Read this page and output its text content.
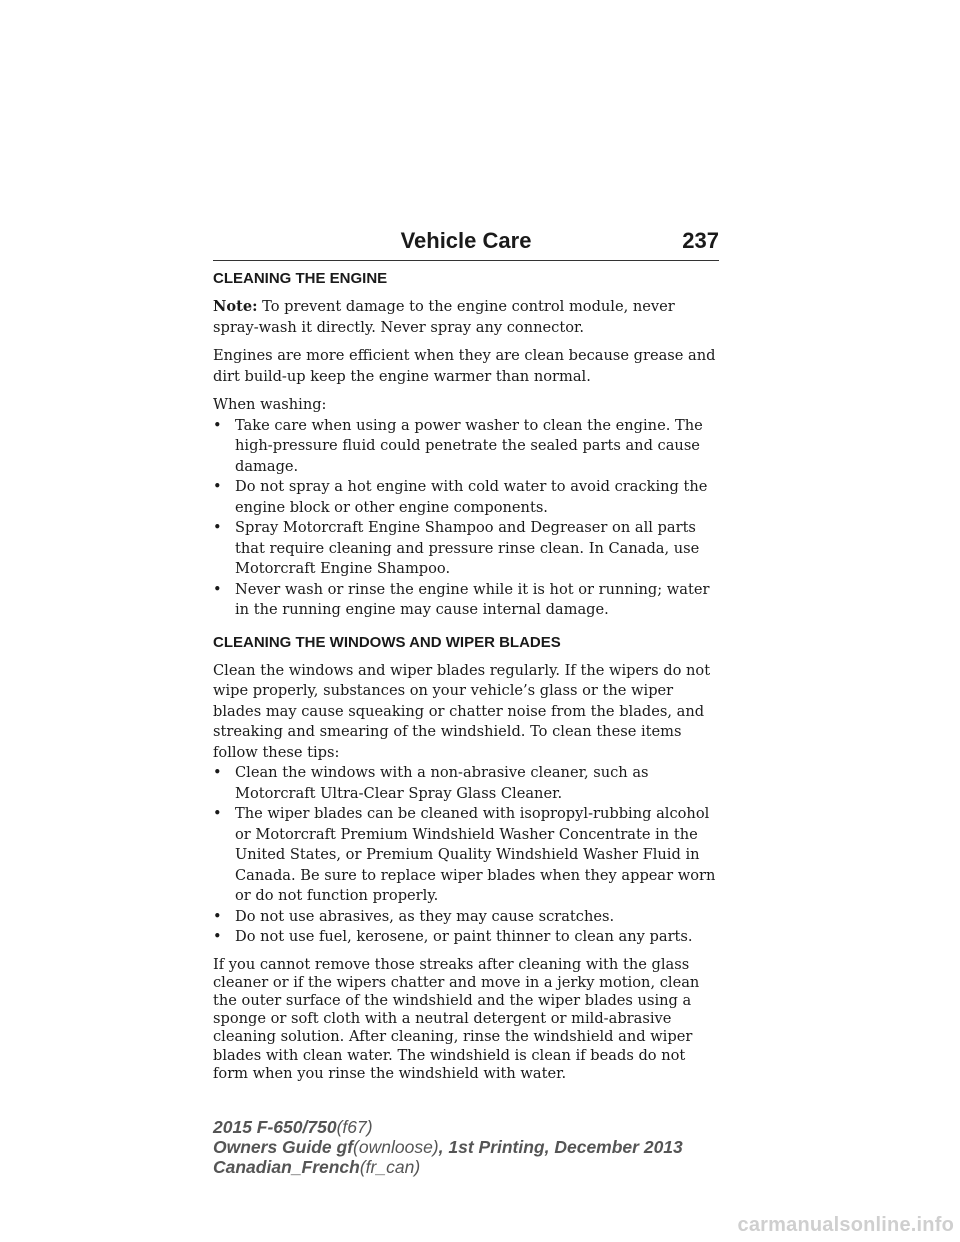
Vehicle Care	237
CLEANING THE ENGINE

Note: To prevent damage to the engine control module, never spray-wash it directly. Never spray any connector.

Engines are more efficient when they are clean because grease and dirt build-up keep the engine warmer than normal.

When washing:

• Take care when using a power washer to clean the engine. The high-pressure fluid could penetrate the sealed parts and cause damage.
• Do not spray a hot engine with cold water to avoid cracking the engine block or other engine components.
• Spray Motorcraft Engine Shampoo and Degreaser on all parts that require cleaning and pressure rinse clean. In Canada, use Motorcraft Engine Shampoo.
• Never wash or rinse the engine while it is hot or running; water in the running engine may cause internal damage.
CLEANING THE WINDOWS AND WIPER BLADES

Clean the windows and wiper blades regularly. If the wipers do not wipe properly, substances on your vehicle’s glass or the wiper blades may cause squeaking or chatter noise from the blades, and streaking and smearing of the windshield. To clean these items follow these tips:

• Clean the windows with a non-abrasive cleaner, such as Motorcraft Ultra-Clear Spray Glass Cleaner.
• The wiper blades can be cleaned with isopropyl-rubbing alcohol or Motorcraft Premium Windshield Washer Concentrate in the United States, or Premium Quality Windshield Washer Fluid in Canada. Be sure to replace wiper blades when they appear worn or do not function properly.
• Do not use abrasives, as they may cause scratches.
• Do not use fuel, kerosene, or paint thinner to clean any parts.

If you cannot remove those streaks after cleaning with the glass cleaner or if the wipers chatter and move in a jerky motion, clean the outer surface of the windshield and the wiper blades using a sponge or soft cloth with a neutral detergent or mild-abrasive cleaning solution. After cleaning, rinse the windshield and wiper blades with clean water. The windshield is clean if beads do not form when you rinse the windshield with water.

2015 F-650/750(f67)
Owners Guide gf(ownloose), 1st Printing, December 2013
Canadian_French(fr_can)
carmanualsonline.info
